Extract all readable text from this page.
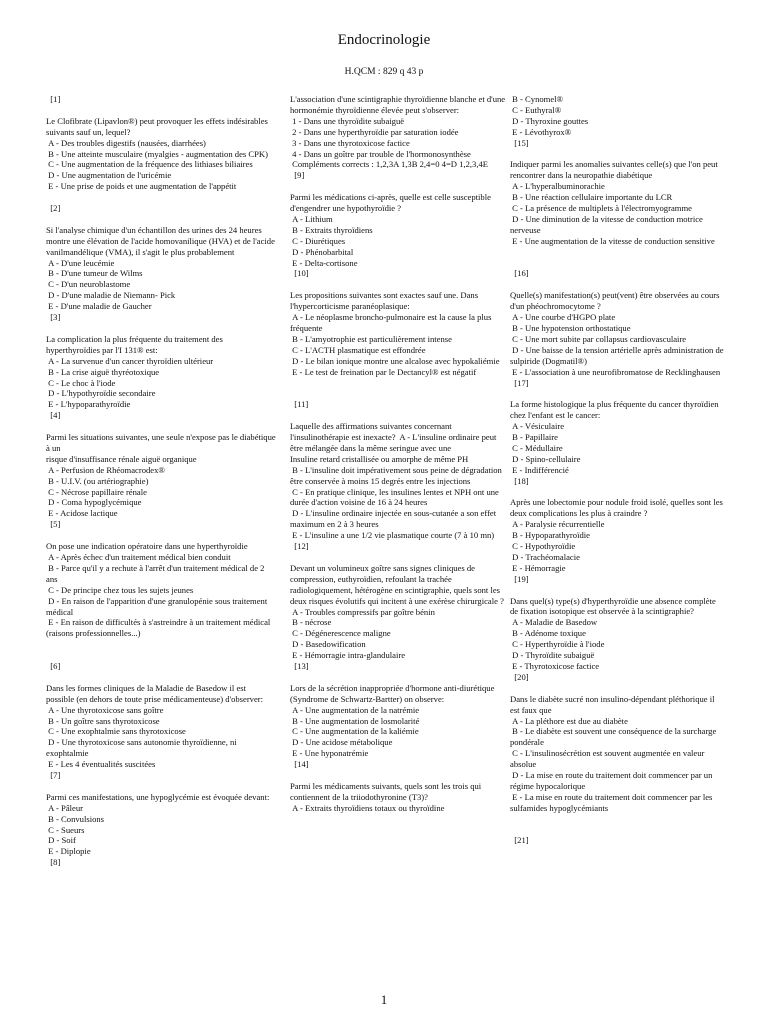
Endocrinologie
H.QCM : 829 q 43 p
[1]
Le Clofibrate (Lipavlon®) peut provoquer les effets indésirables suivants sauf un, lequel?
A - Des troubles digestifs (nausées, diarrhées)
B - Une atteinte musculaire (myalgies - augmentation des CPK)
C - Une augmentation de la fréquence des lithiases biliaires
D - Une augmentation de l'uricémie
E - Une prise de poids et une augmentation de l'appétit
[2]
Si l'analyse chimique d'un échantillon des urines des 24 heures montre une élévation de l'acide homovanilique (HVA) et de l'acide vanilmandélique (VMA), il s'agit le plus probablement
A - D'une leucémie
B - D'une tumeur de Wilms
C - D'un neuroblastome
D - D'une maladie de Niemann- Pick
E - D'une maladie de Gaucher
[3]
La complication la plus fréquente du traitement des hyperthyroïdies par l'I 131® est:
A - La survenue d'un cancer thyroïdien ultérieur
B - La crise aiguë thyréotoxique
C - Le choc à l'iode
D - L'hypothyroïdie secondaire
E - L'hypoparathyroïdie
[4]
Parmi les situations suivantes, une seule n'expose pas le diabétique à un
risque d'insuffisance rénale aiguë organique
A - Perfusion de Rhéomacrodex®
B - U.I.V. (ou artériographie)
C - Nécrose papillaire rénale
D - Coma hypoglycémique
E - Acidose lactique
[5]
On pose une indication opératoire dans une hyperthyroïdie
A - Après échec d'un traitement médical bien conduit
B - Parce qu'il y a rechute à l'arrêt d'un traitement médical de 2 ans
C - De principe chez tous les sujets jeunes
D - En raison de l'apparition d'une granulopénie sous traitement médical
E - En raison de difficultés à s'astreindre à un traitement médical (raisons professionnelles...)
[6]
Dans les formes cliniques de la Maladie de Basedow il est possible (en dehors de toute prise médicamenteuse) d'observer:
A - Une thyrotoxicose sans goître
B - Un goître sans thyrotoxicose
C - Une exophtalmie sans thyrotoxicose
D - Une thyrotoxicose sans autonomie thyroïdienne, ni exophtalmie
E - Les 4 éventualités suscitées
[7]
Parmi ces manifestations, une hypoglycémie est évoquée devant:
A - Pâleur
B - Convulsions
C - Sueurs
D - Soif
E - Diplopie
[8]
L'association d'une scintigraphie thyroïdienne blanche et d'une hormonémie thyroïdienne élevée peut s'observer:
1 - Dans une thyroïdite subaiguë
2 - Dans une hyperthyroïdie par saturation iodée
3 - Dans une thyrotoxicose factice
4 - Dans un goître par trouble de l'hormonosynthèse
Compléments corrects : 1,2,3A 1,3B 2,4=0 4=D 1,2,3,4E
[9]
Parmi les médications ci-après, quelle est celle susceptible d'engendrer une hypothyroïdie ?
A - Lithium
B - Extraits thyroïdiens
C - Diurétiques
D - Phénobarbital
E - Delta-cortisone
[10]
Les propositions suivantes sont exactes sauf une. Dans l'hypercorticisme paranéoplasique:
A - Le néoplasme broncho-pulmonaire est la cause la plus fréquente
B - L'amyotrophie est particulièrement intense
C - L'ACTH plasmatique est effondrée
D - Le bilan ionique montre une alcalose avec hypokaliémie
E - Le test de freination par le Dectancyl® est négatif
[11]
Laquelle des affirmations suivantes concernant l'insulinothérapie est inexacte?  A - L'insuline ordinaire peut être mélangée dans la même seringue avec une
Insuline retard cristallisée ou amorphe de même PH
B - L'insuline doit impérativement sous peine de dégradation être conservée à moins 15 degrés entre les injections
C - En pratique clinique, les insulines lentes et NPH ont une durée d'action voisine de 16 à 24 heures
D - L'insuline ordinaire injectée en sous-cutanée a son effet maximum en 2 à 3 heures
E - L'insuline a une 1/2 vie plasmatique courte (7 à 10 mn)
[12]
Devant un volumineux goître sans signes cliniques de compression, euthyroïdien, refoulant la trachée radiologiquement, hétérogène en scintigraphie, quels sont les deux risques évolutifs qui incitent à une exérèse chirurgicale ?
A - Troubles compressifs par goître bénin
B - nécrose
C - Dégénerescence maligne
D - Basedowification
E - Hémorragie intra-glandulaire
[13]
Lors de la sécrétion inappropriée d'hormone anti-diurétique (Syndrome de Schwartz-Bartter) on observe:
A - Une augmentation de la natrémie
B - Une augmentation de losmolarité
C - Une augmentation de la kaliémie
D - Une acidose métabolique
E - Une hyponatrémie
[14]
Parmi les médicaments suivants, quels sont les trois qui contiennent de la triiodothyronine (T3)?
A - Extraits thyroïdiens totaux ou thyroïdine
B - Cynomel®
C - Euthyral®
D - Thyroxine gouttes
E - Lévothyrox®
[15]
Indiquer parmi les anomalies suivantes celle(s) que l'on peut rencontrer dans la neuropathie diabétique
A - L'hyperalbuminorachie
B - Une réaction cellulaire importante du LCR
C - La présence de multiplets à l'électromyogramme
D - Une diminution de la vitesse de conduction motrice nerveuse
E - Une augmentation de la vitesse de conduction sensitive
[16]
Quelle(s) manifestation(s) peut(vent) être observées au cours d'un phéochromocytome ?
A - Une courbe d'HGPO plate
B - Une hypotension orthostatique
C - Une mort subite par collapsus cardiovasculaire
D - Une baisse de la tension artérielle après administration de sulpiride (Dogmatil®)
E - L'association à une neurofibromatose de Recklinghausen
[17]
La forme histologique la plus fréquente du cancer thyroïdien chez l'enfant est le cancer:
A - Vésiculaire
B - Papillaire
C - Médullaire
D - Spino-cellulaire
E - Indifférencié
[18]
Après une lobectomie pour nodule froid isolé, quelles sont les deux complications les plus à craindre ?
A - Paralysie récurrentielle
B - Hypoparathyroïdie
C - Hypothyroïdie
D - Trachéomalacie
E - Hémorragie
[19]
Dans quel(s) type(s) d'hyperthyroïdie une absence complète de fixation isotopique est observée à la scintigraphie?
A - Maladie de Basedow
B - Adénome toxique
C - Hyperthyroïdie à l'iode
D - Thyroïdite subaiguë
E - Thyrotoxicose factice
[20]
Dans le diabète sucré non insulino-dépendant pléthorique il est faux que
A - La pléthore est due au diabète
B - Le diabète est souvent une conséquence de la surcharge pondérale
C - L'insulinosécrétion est souvent augmentée en valeur absolue
D - La mise en route du traitement doit commencer par un régime hypocalorique
E - La mise en route du traitement doit commencer par les sulfamides hypoglycémiants
[21]
1
